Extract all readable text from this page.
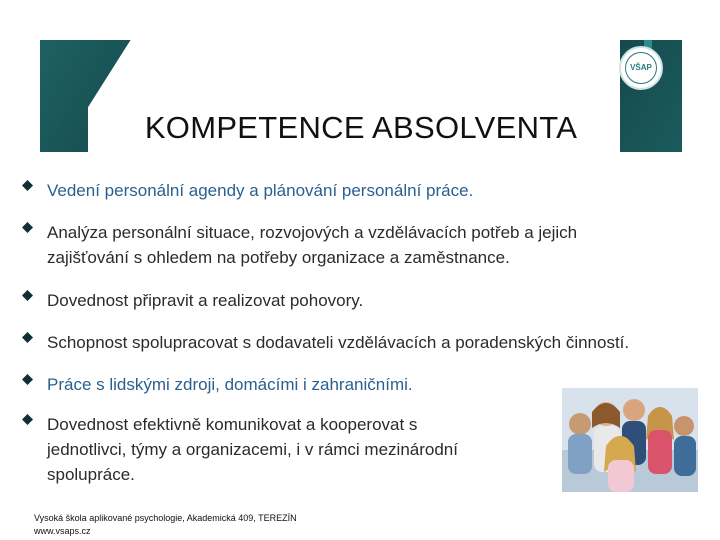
KOMPETENCE ABSOLVENTA
VŠAP
Vedení personální agendy a plánování personální práce.
Analýza personální situace, rozvojových a vzdělávacích potřeb a jejich zajišťování s ohledem na potřeby organizace a zaměstnance.
Dovednost připravit a realizovat pohovory.
Schopnost spolupracovat s dodavateli vzdělávacích a poradenských činností.
Práce s lidskými zdroji, domácími i zahraničními.
Dovednost efektivně komunikovat a kooperovat s jednotlivci, týmy a organizacemi, i v rámci mezinárodní spolupráce.
Vysoká škola aplikované psychologie, Akademická 409, TEREZÍN
www.vsaps.cz
